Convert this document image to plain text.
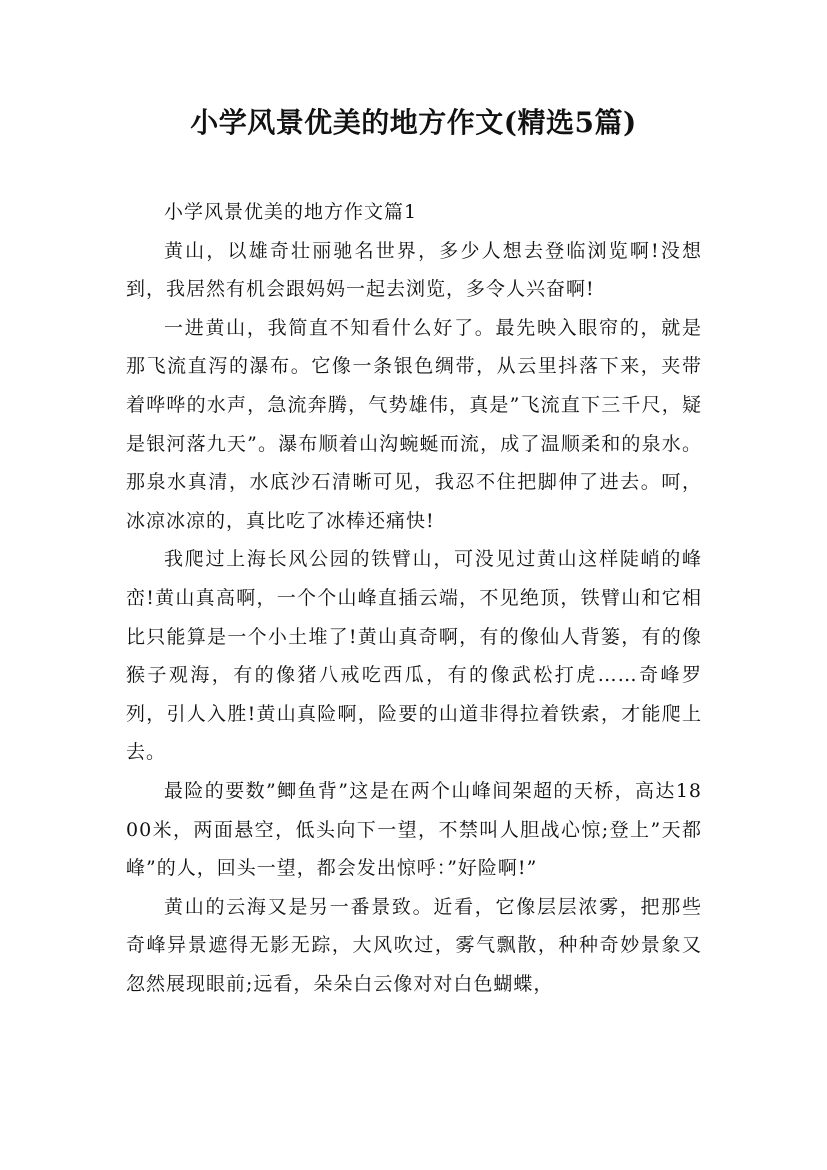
小学风景优美的地方作文(精选5篇)

小学风景优美的地方作文篇1

黄山，以雄奇壮丽驰名世界，多少人想去登临浏览啊!没想到，我居然有机会跟妈妈一起去浏览，多令人兴奋啊!

一进黄山，我简直不知看什么好了。最先映入眼帘的，就是那飞流直泻的瀑布。它像一条银色绸带，从云里抖落下来，夹带着哗哗的水声，急流奔腾，气势雄伟，真是”飞流直下三千尺，疑是银河落九天”。瀑布顺着山沟蜿蜒而流，成了温顺柔和的泉水。那泉水真清，水底沙石清晰可见，我忍不住把脚伸了进去。呵，冰凉冰凉的，真比吃了冰棒还痛快!

我爬过上海长风公园的铁臂山，可没见过黄山这样陡峭的峰峦!黄山真高啊，一个个山峰直插云端，不见绝顶，铁臂山和它相比只能算是一个小土堆了!黄山真奇啊，有的像仙人背篓，有的像猴子观海，有的像猪八戒吃西瓜，有的像武松打虎……奇峰罗列，引人入胜!黄山真险啊，险要的山道非得拉着铁索，才能爬上去。

最险的要数”鲫鱼背”这是在两个山峰间架超的天桥，高达1800米，两面悬空，低头向下一望，不禁叫人胆战心惊;登上”天都峰”的人，回头一望，都会发出惊呼：”好险啊!”

黄山的云海又是另一番景致。近看，它像层层浓雾，把那些奇峰异景遮得无影无踪，大风吹过，雾气飘散，种种奇妙景象又忽然展现眼前;远看，朵朵白云像对对白色蝴蝶，
